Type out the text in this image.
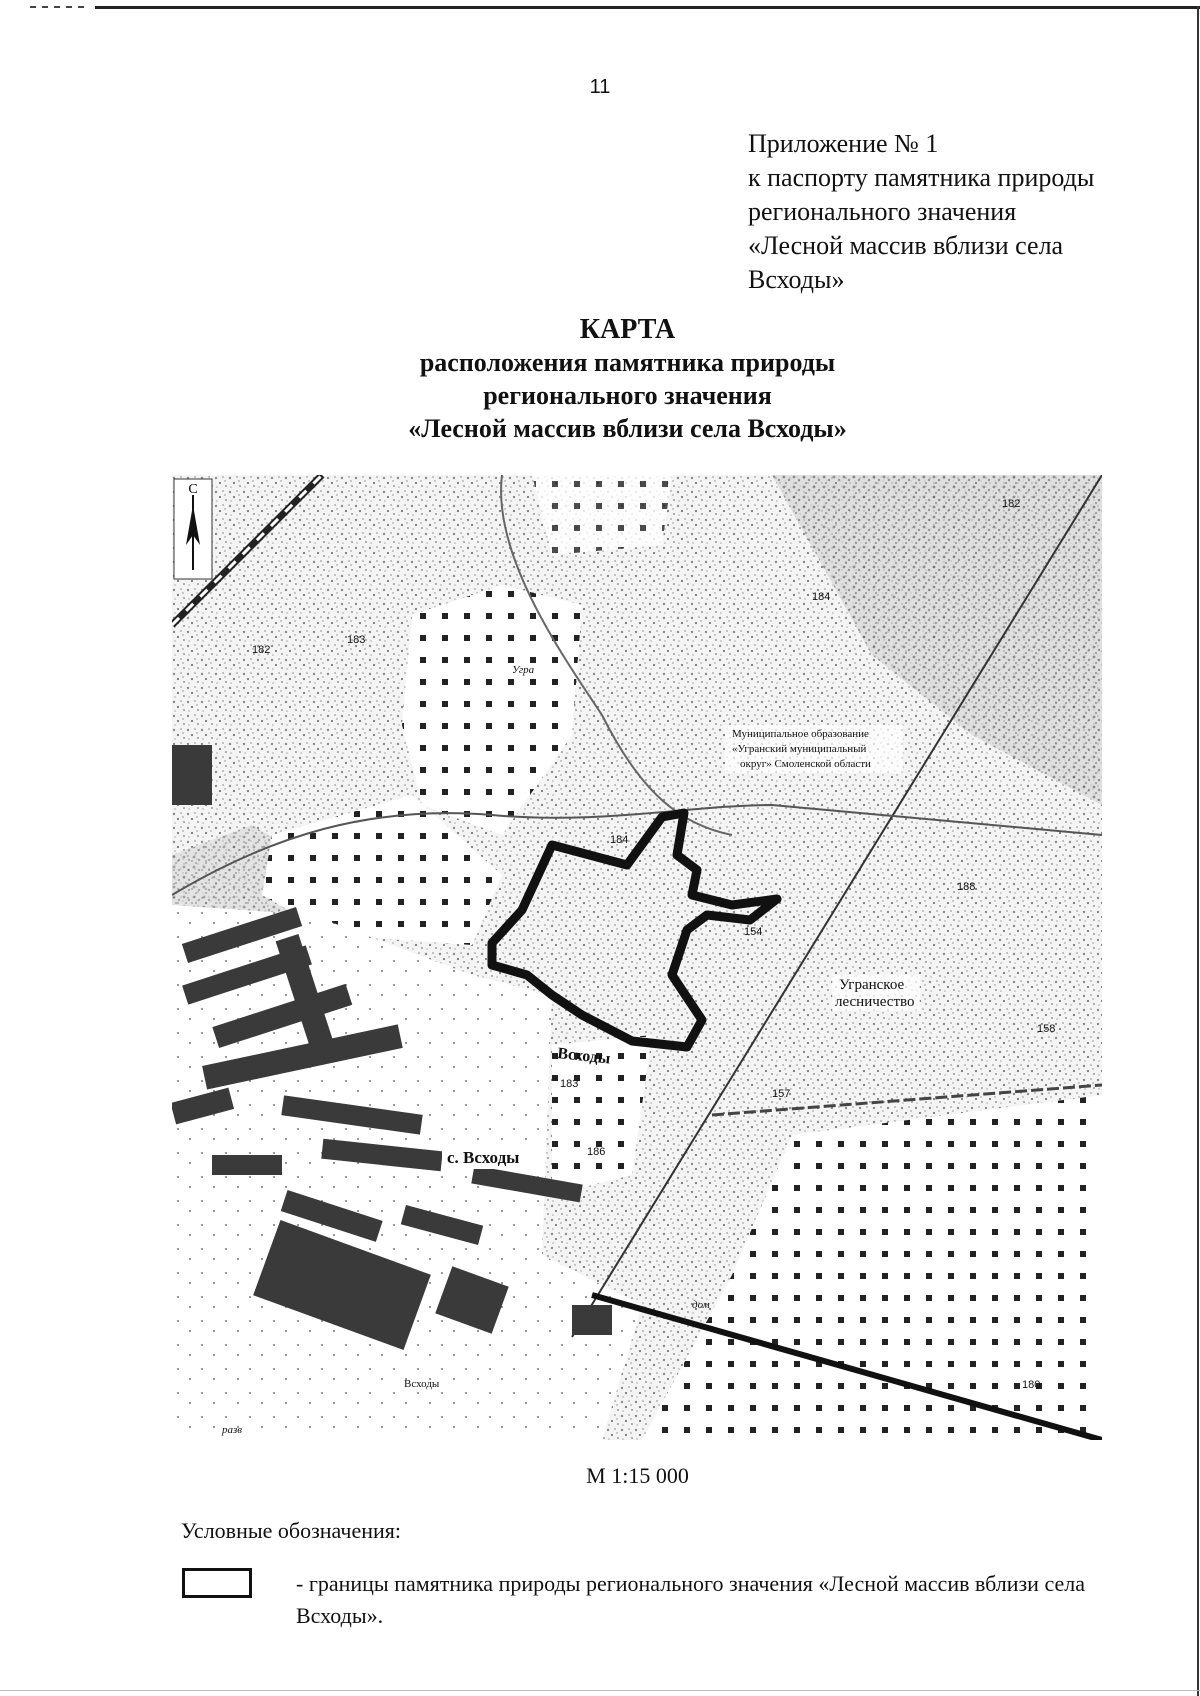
11
Приложение № 1
к паспорту памятника природы
регионального значения
«Лесной массив вблизи села
Всходы»
КАРТА
расположения памятника природы
регионального значения
«Лесной массив вблизи села Всходы»
С
Муниципальное образование
«Угранский муниципальный
округ» Смоленской области
Угранское
лесничество
с. Всходы
Всходы
Угра
Всходы
дом
разв
182
183
182
184
184
188
158
154
157
186
183
180
М 1:15 000
Условные обозначения:
- границы памятника природы регионального значения «Лесной массив вблизи села Всходы».
